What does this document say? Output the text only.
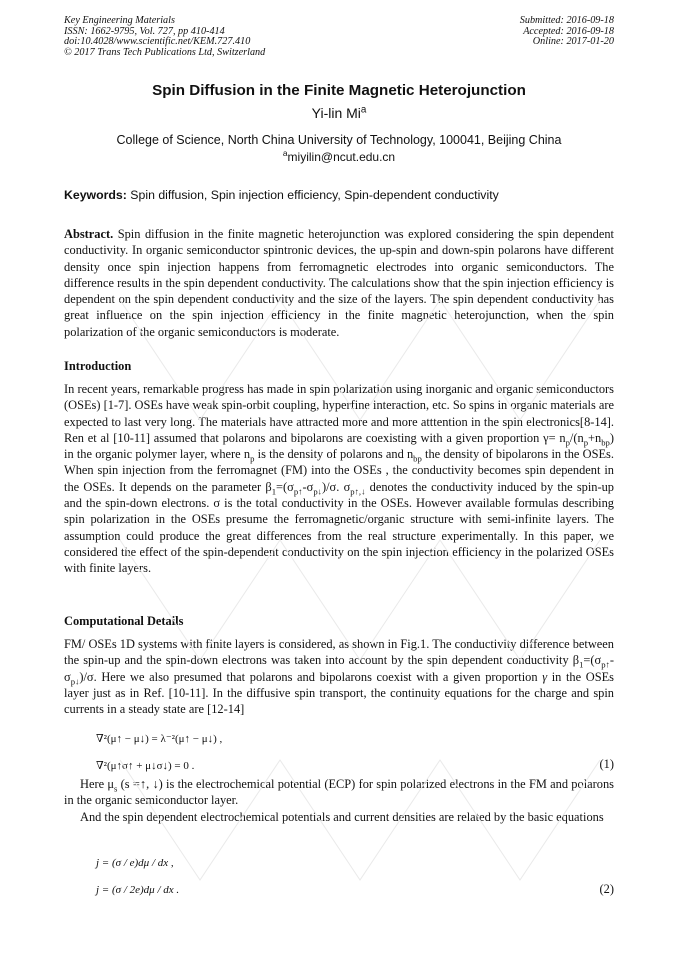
Key Engineering Materials
ISSN: 1662-9795, Vol. 727, pp 410-414
doi:10.4028/www.scientific.net/KEM.727.410
© 2017 Trans Tech Publications Ltd, Switzerland
Submitted: 2016-09-18
Accepted: 2016-09-18
Online: 2017-01-20
Spin Diffusion in the Finite Magnetic Heterojunction
Yi-lin Mi$^a$
College of Science, North China University of Technology, 100041, Beijing China
$^a$miyilin@ncut.edu.cn
Keywords: Spin diffusion, Spin injection efficiency, Spin-dependent conductivity

Abstract. Spin diffusion in the finite magnetic heterojunction was explored considering the spin dependent conductivity. In organic semiconductor spintronic devices, the up-spin and down-spin polarons have different density once spin injection happens from ferromagnetic electrodes into organic semiconductors. The difference results in the spin dependent conductivity. The calculations show that the spin injection efficiency is dependent on the spin dependent conductivity and the size of the layers. The spin dependent conductivity has great influence on the spin injection efficiency in the finite magnetic heterojunction, when the spin polarization of the organic semiconductors is moderate.

Introduction

In recent years, remarkable progress has made in spin polarization using inorganic and organic semiconductors (OSEs) [1-7]. OSEs have weak spin-orbit coupling, hyperfine interaction, etc. So spins in organic materials are expected to last very long. The materials have attracted more and more atttention in the spin electronics[8-14]. Ren et al [10-11] assumed that polarons and bipolarons are coexisting with a given proportion $\gamma= n_p/(n_p+n_{bp})$ in the organic polymer layer, where $n_p$ is the density of polarons and $n_{bp}$ the density of bipolarons in the OSEs. When spin injection from the ferromagnet (FM) into the OSEs , the conductivity becomes spin dependent in the OSEs. It depends on the parameter $\beta_1=(\sigma_{p↑}-\sigma_{p↓})/\sigma$. $\sigma_{p↑,↓}$ denotes the conductivity induced by the spin-up and the spin-down electrons. σ is the total conductivity in the OSEs. However available formulas describing spin polarization in the OSEs presume the ferromagnetic/organic structure with semi-infinite layers. The assumption could produce the great differences from the real structure experimentally. In this paper, we considered the effect of the spin-dependent conductivity on the spin injection efficiency in the polarized OSEs with finite layers.

Computational Details

FM/ OSEs 1D systems with finite layers is considered, as shown in Fig.1. The conductivity difference between the spin-up and the spin-down electrons was taken into account by the spin dependent conductivity $\beta_1=(\sigma_{p↑}-\sigma_{p↓})/\sigma$. Here we also presumed that polarons and bipolarons coexist with a given proportion γ in the OSEs layer just as in Ref. [10-11]. In the diffusive spin transport, the continuity equations for the charge and spin currents in a steady state are [12-14]

∇²(μ↑ − μ↓) = λ⁻²(μ↑ − μ↓) ,
∇²(μ↑σ↑ + μ↓σ↓) = 0 .	(1)

Here $\mu_s$ (s =↑, ↓) is the electrochemical potential (ECP) for spin polarized electrons in the FM and polarons in the organic semiconductor layer.

And the spin dependent electrochemical potentials and current densities are related by the basic equations

j = (σ / e)dμ / dx ,
j = (σ / 2e)dμ / dx .	(2)
